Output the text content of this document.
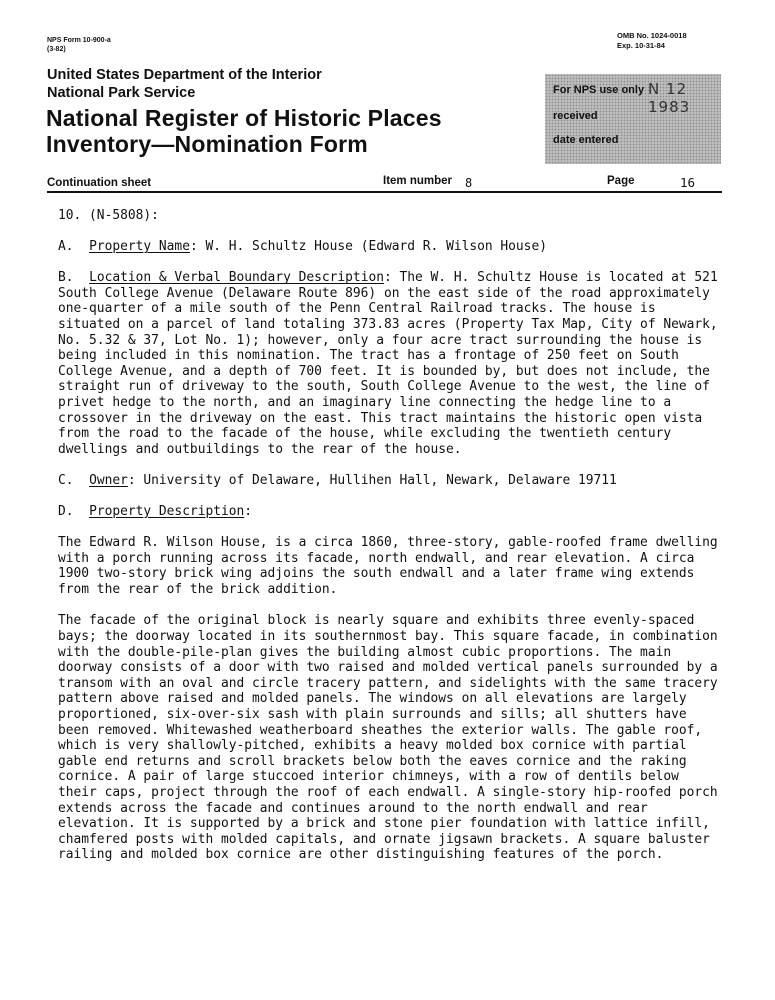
NPS Form 10-900-a
(3-82)
OMB No. 1024-0018
Exp. 10-31-84
United States Department of the Interior
National Park Service
National Register of Historic Places
Inventory—Nomination Form
For NPS use only N 12 1983
received
date entered
Continuation sheet	Item number 8	Page	16

10. (N-5808):

A. Property Name: W. H. Schultz House (Edward R. Wilson House)

B. Location & Verbal Boundary Description: The W. H. Schultz House is located at 521 South College Avenue (Delaware Route 896) on the east side of the road approximately one-quarter of a mile south of the Penn Central Railroad tracks. The house is situated on a parcel of land totaling 373.83 acres (Property Tax Map, City of Newark, No. 5.32 & 37, Lot No. 1); however, only a four acre tract surrounding the house is being included in this nomination. The tract has a frontage of 250 feet on South College Avenue, and a depth of 700 feet. It is bounded by, but does not include, the straight run of driveway to the south, South College Avenue to the west, the line of privet hedge to the north, and an imaginary line connecting the hedge line to a crossover in the driveway on the east. This tract maintains the historic open vista from the road to the facade of the house, while excluding the twentieth century dwellings and outbuildings to the rear of the house.

C. Owner: University of Delaware, Hullihen Hall, Newark, Delaware 19711

D. Property Description:

The Edward R. Wilson House, is a circa 1860, three-story, gable-roofed frame dwelling with a porch running across its facade, north endwall, and rear elevation. A circa 1900 two-story brick wing adjoins the south endwall and a later frame wing extends from the rear of the brick addition.

The facade of the original block is nearly square and exhibits three evenly-spaced bays; the doorway located in its southernmost bay. This square facade, in combination with the double-pile-plan gives the building almost cubic proportions. The main doorway consists of a door with two raised and molded vertical panels surrounded by a transom with an oval and circle tracery pattern, and sidelights with the same tracery pattern above raised and molded panels. The windows on all elevations are largely proportioned, six-over-six sash with plain surrounds and sills; all shutters have been removed. Whitewashed weatherboard sheathes the exterior walls. The gable roof, which is very shallowly-pitched, exhibits a heavy molded box cornice with partial gable end returns and scroll brackets below both the eaves cornice and the raking cornice. A pair of large stuccoed interior chimneys, with a row of dentils below their caps, project through the roof of each endwall. A single-story hip-roofed porch extends across the facade and continues around to the north endwall and rear elevation. It is supported by a brick and stone pier foundation with lattice infill, chamfered posts with molded capitals, and ornate jigsawn brackets. A square baluster railing and molded box cornice are other distinguishing features of the porch.
